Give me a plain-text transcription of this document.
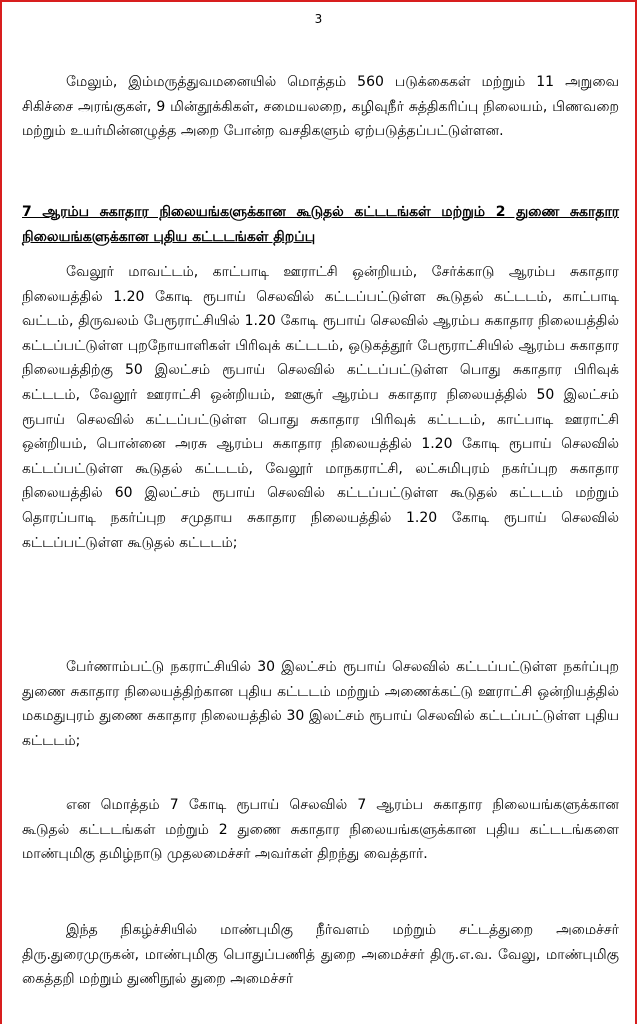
3

மேலும், இம்மருத்துவமனையில் மொத்தம் 560 படுக்கைகள் மற்றும் 11 அறுவை சிகிச்சை அரங்குகள், 9 மின்தூக்கிகள், சமையலறை, கழிவுநீர் சுத்திகரிப்பு நிலையம், பிணவறை மற்றும் உயர்மின்னழுத்த அறை போன்ற வசதிகளும் ஏற்படுத்தப்பட்டுள்ளன.

7 ஆரம்ப சுகாதார நிலையங்களுக்கான கூடுதல் கட்டடங்கள் மற்றும் 2 துணை சுகாதார நிலையங்களுக்கான புதிய கட்டடங்கள் திறப்பு

வேலூர் மாவட்டம், காட்பாடி ஊராட்சி ஒன்றியம், சேர்க்காடு ஆரம்ப சுகாதார நிலையத்தில் 1.20 கோடி ரூபாய் செலவில் கட்டப்பட்டுள்ள கூடுதல் கட்டடம், காட்பாடி வட்டம், திருவலம் பேரூராட்சியில் 1.20 கோடி ரூபாய் செலவில் ஆரம்ப சுகாதார நிலையத்தில் கட்டப்பட்டுள்ள புறநோயாளிகள் பிரிவுக் கட்டடம், ஒடுகத்தூர் பேரூராட்சியில் ஆரம்ப சுகாதார நிலையத்திற்கு 50 இலட்சம் ரூபாய் செலவில் கட்டப்பட்டுள்ள பொது சுகாதார பிரிவுக் கட்டடம், வேலூர் ஊராட்சி ஒன்றியம், ஊசூர் ஆரம்ப சுகாதார நிலையத்தில் 50 இலட்சம் ரூபாய் செலவில் கட்டப்பட்டுள்ள பொது சுகாதார பிரிவுக் கட்டடம், காட்பாடி ஊராட்சி ஒன்றியம், பொன்னை அரசு ஆரம்ப சுகாதார நிலையத்தில் 1.20 கோடி ரூபாய் செலவில் கட்டப்பட்டுள்ள கூடுதல் கட்டடம், வேலூர் மாநகராட்சி, லட்சுமிபுரம் நகர்ப்புற சுகாதார நிலையத்தில் 60 இலட்சம் ரூபாய் செலவில் கட்டப்பட்டுள்ள கூடுதல் கட்டடம் மற்றும் தொரப்பாடி நகர்ப்புற சமுதாய சுகாதார நிலையத்தில் 1.20 கோடி ரூபாய் செலவில் கட்டப்பட்டுள்ள கூடுதல் கட்டடம்;

பேர்ணாம்பட்டு நகராட்சியில் 30 இலட்சம் ரூபாய் செலவில் கட்டப்பட்டுள்ள நகர்ப்புற துணை சுகாதார நிலையத்திற்கான புதிய கட்டடம் மற்றும் அணைக்கட்டு ஊராட்சி ஒன்றியத்தில் மகமதுபுரம் துணை சுகாதார நிலையத்தில் 30 இலட்சம் ரூபாய் செலவில் கட்டப்பட்டுள்ள புதிய கட்டடம்;

என மொத்தம் 7 கோடி ரூபாய் செலவில் 7 ஆரம்ப சுகாதார நிலையங்களுக்கான கூடுதல் கட்டடங்கள் மற்றும் 2 துணை சுகாதார நிலையங்களுக்கான புதிய கட்டடங்களை மாண்புமிகு தமிழ்நாடு முதலமைச்சர் அவர்கள் திறந்து வைத்தார்.

இந்த நிகழ்ச்சியில் மாண்புமிகு நீர்வளம் மற்றும் சட்டத்துறை அமைச்சர் திரு.துரைமுருகன், மாண்புமிகு பொதுப்பணித் துறை அமைச்சர் திரு.எ.வ. வேலு, மாண்புமிகு கைத்தறி மற்றும் துணிநூல் துறை அமைச்சர்
